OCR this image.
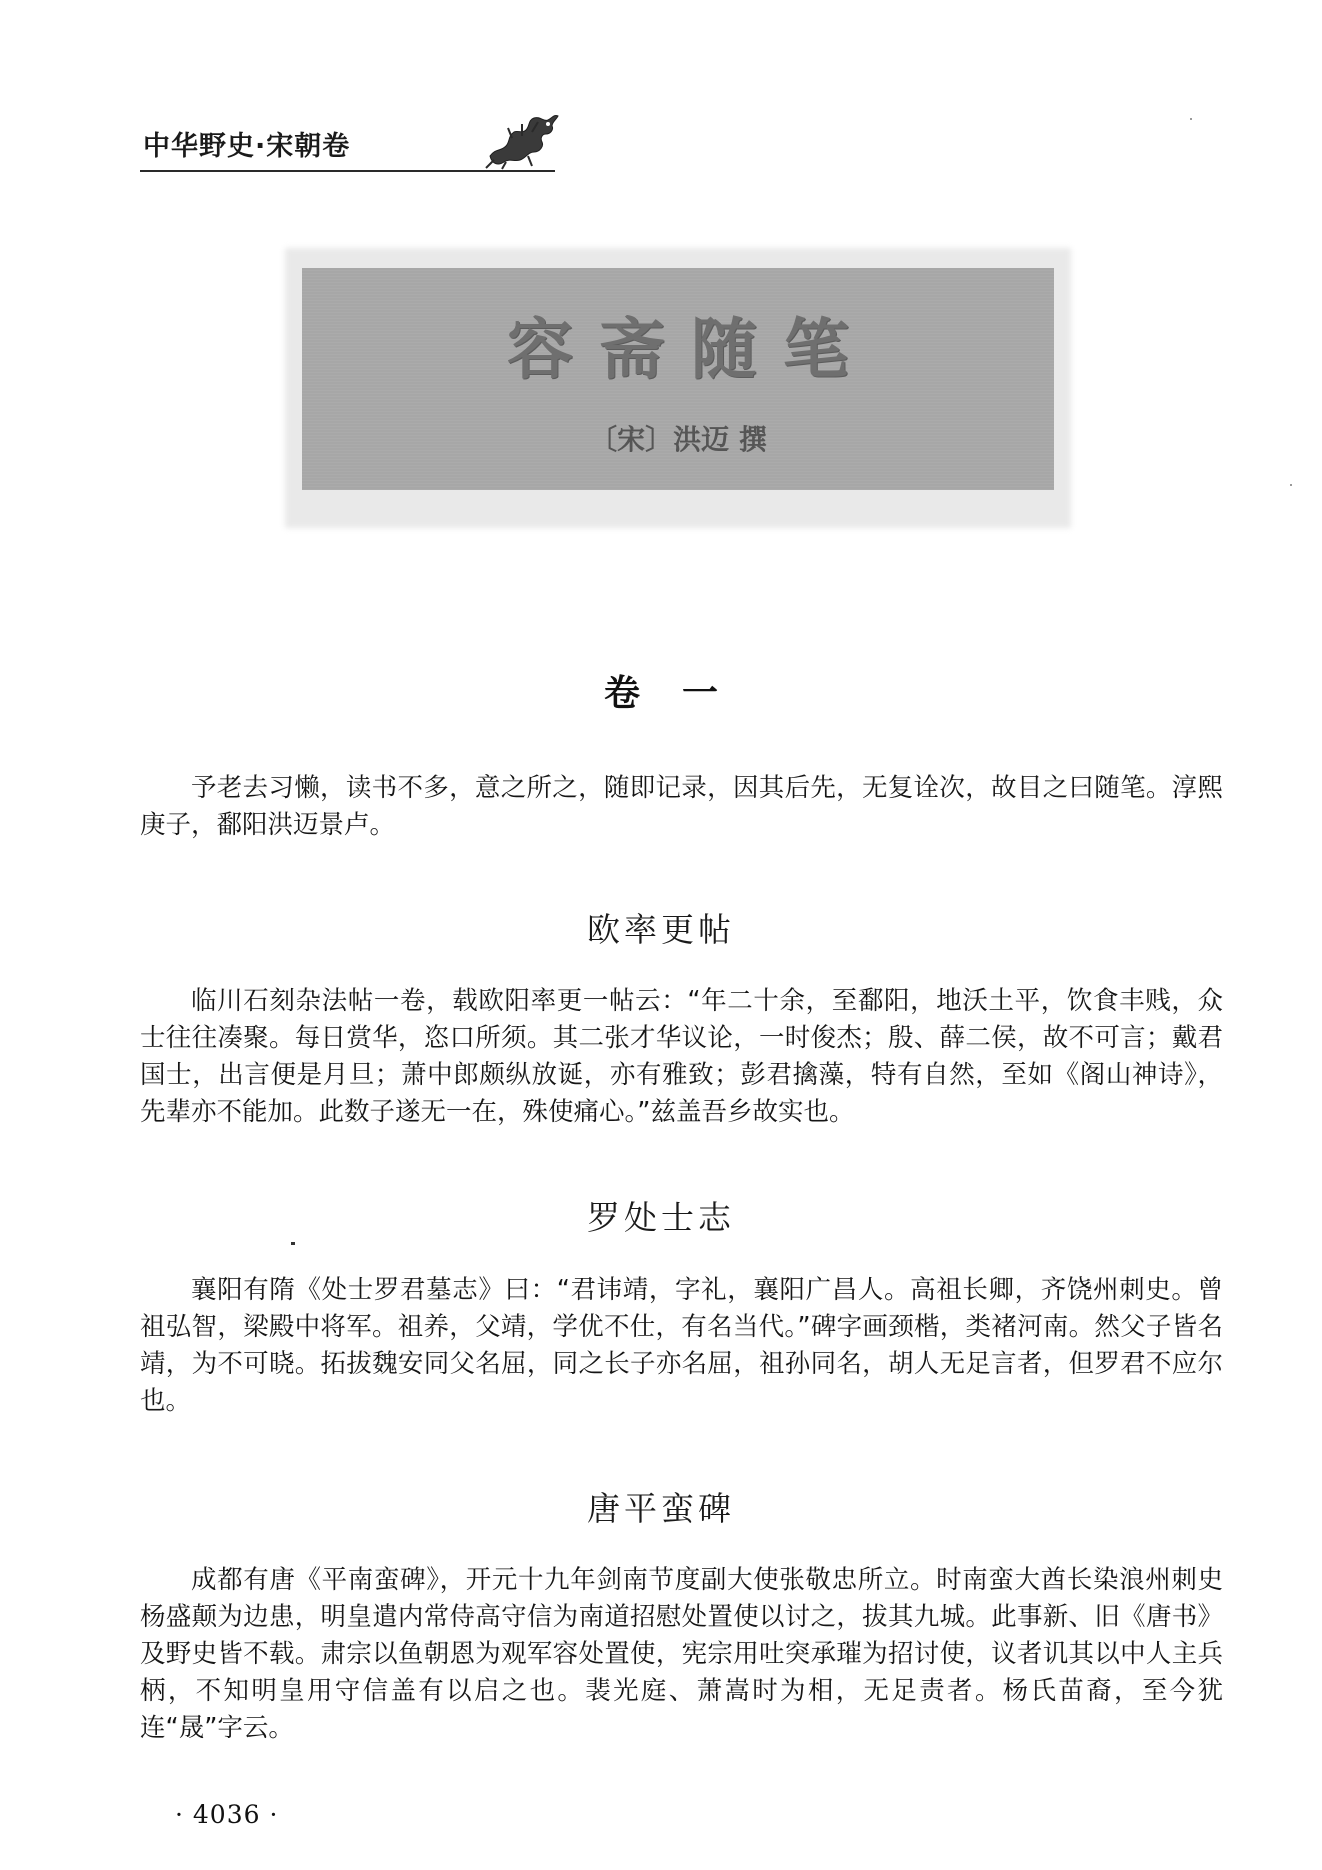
中华野史·宋朝卷
容斋随笔
〔宋〕洪迈 撰
卷一

予老去习懒，读书不多，意之所之，随即记录，因其后先，无复诠次，故目之曰随笔。淳熙庚子，鄱阳洪迈景卢。

欧率更帖

临川石刻杂法帖一卷，载欧阳率更一帖云：“年二十余，至鄱阳，地沃土平，饮食丰贱，众士往往凑聚。每日赏华，恣口所须。其二张才华议论，一时俊杰；殷、薛二侯，故不可言；戴君国士，出言便是月旦；萧中郎颇纵放诞，亦有雅致；彭君擒藻，特有自然，至如《阁山神诗》，先辈亦不能加。此数子遂无一在，殊使痛心。”兹盖吾乡故实也。

罗处士志

襄阳有隋《处士罗君墓志》曰：“君讳靖，字礼，襄阳广昌人。高祖长卿，齐饶州刺史。曾祖弘智，梁殿中将军。祖养，父靖，学优不仕，有名当代。”碑字画颈楷，类褚河南。然父子皆名靖，为不可晓。拓拔魏安同父名屈，同之长子亦名屈，祖孙同名，胡人无足言者，但罗君不应尔也。

唐平蛮碑

成都有唐《平南蛮碑》，开元十九年剑南节度副大使张敬忠所立。时南蛮大酋长染浪州刺史杨盛颠为边患，明皇遣内常侍高守信为南道招慰处置使以讨之，拔其九城。此事新、旧《唐书》及野史皆不载。肃宗以鱼朝恩为观军容处置使，宪宗用吐突承璀为招讨使，议者讥其以中人主兵柄，不知明皇用守信盖有以启之也。裴光庭、萧嵩时为相，无足责者。杨氏苗裔，至今犹连“晟”字云。

· 4036 ·
